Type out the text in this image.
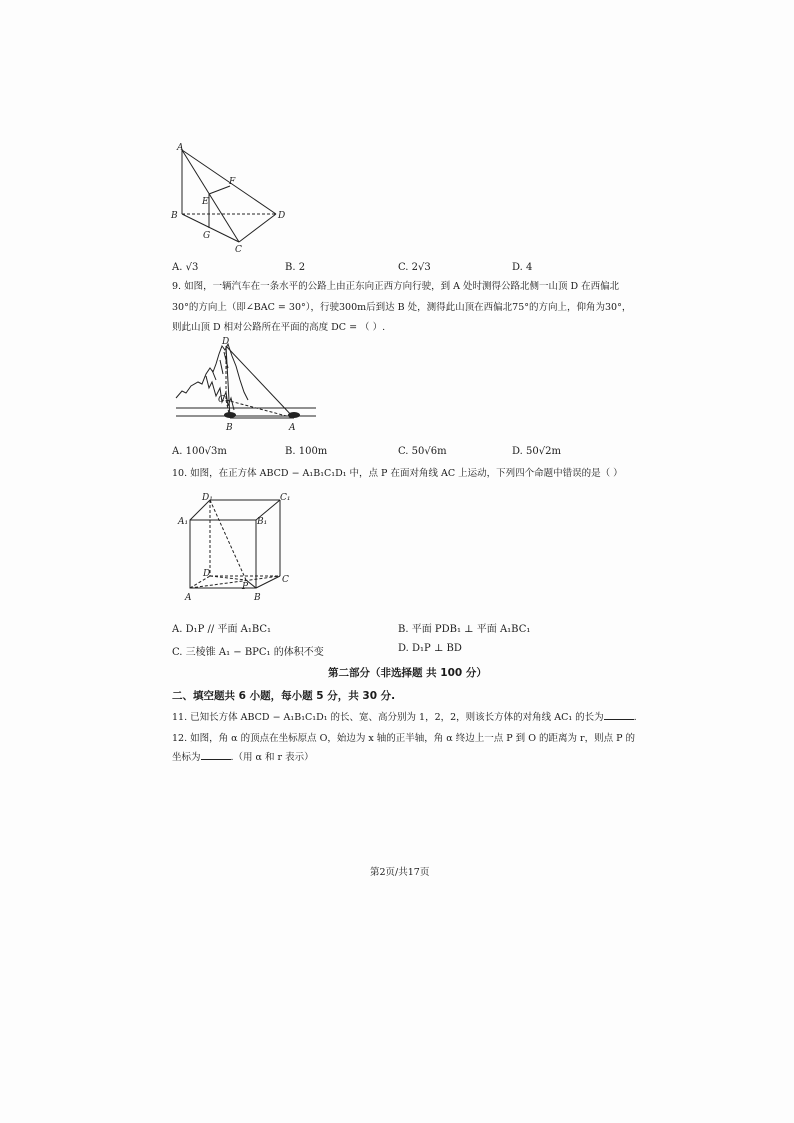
A
B
C
D
E
F
G
A. √3	B. 2	C. 2√3	D. 4
9. 如图，一辆汽车在一条水平的公路上由正东向正西方向行驶，到 A 处时测得公路北侧一山顶 D 在西偏北
30°的方向上（即∠BAC = 30°），行驶300m后到达 B 处，测得此山顶在西偏北75°的方向上，仰角为30°，
则此山顶 D 相对公路所在平面的高度 DC = （ ）.
D
C
B	A
A. 100√3m	B. 100m	C. 50√6m	D. 50√2m
10. 如图，在正方体 ABCD − A₁B₁C₁D₁ 中，点 P 在面对角线 AC 上运动，下列四个命题中错误的是（ ）
D₁	C₁
A₁	B₁
D
C
A	B
P
A. D₁P // 平面 A₁BC₁	B. 平面 PDB₁ ⊥ 平面 A₁BC₁
C. 三棱锥 A₁ − BPC₁ 的体积不变	D. D₁P ⊥ BD
第二部分（非选择题 共 100 分）
二、填空题共 6 小题，每小题 5 分，共 30 分.
11. 已知长方体 ABCD − A₁B₁C₁D₁ 的长、宽、高分别为 1，2，2，则该长方体的对角线 AC₁ 的长为	.
12. 如图，角 α 的顶点在坐标原点 O，始边为 x 轴的正半轴，角 α 终边上一点 P 到 O 的距离为 r，则点 P 的
坐标为	.（用 α 和 r 表示）
第2页/共17页
